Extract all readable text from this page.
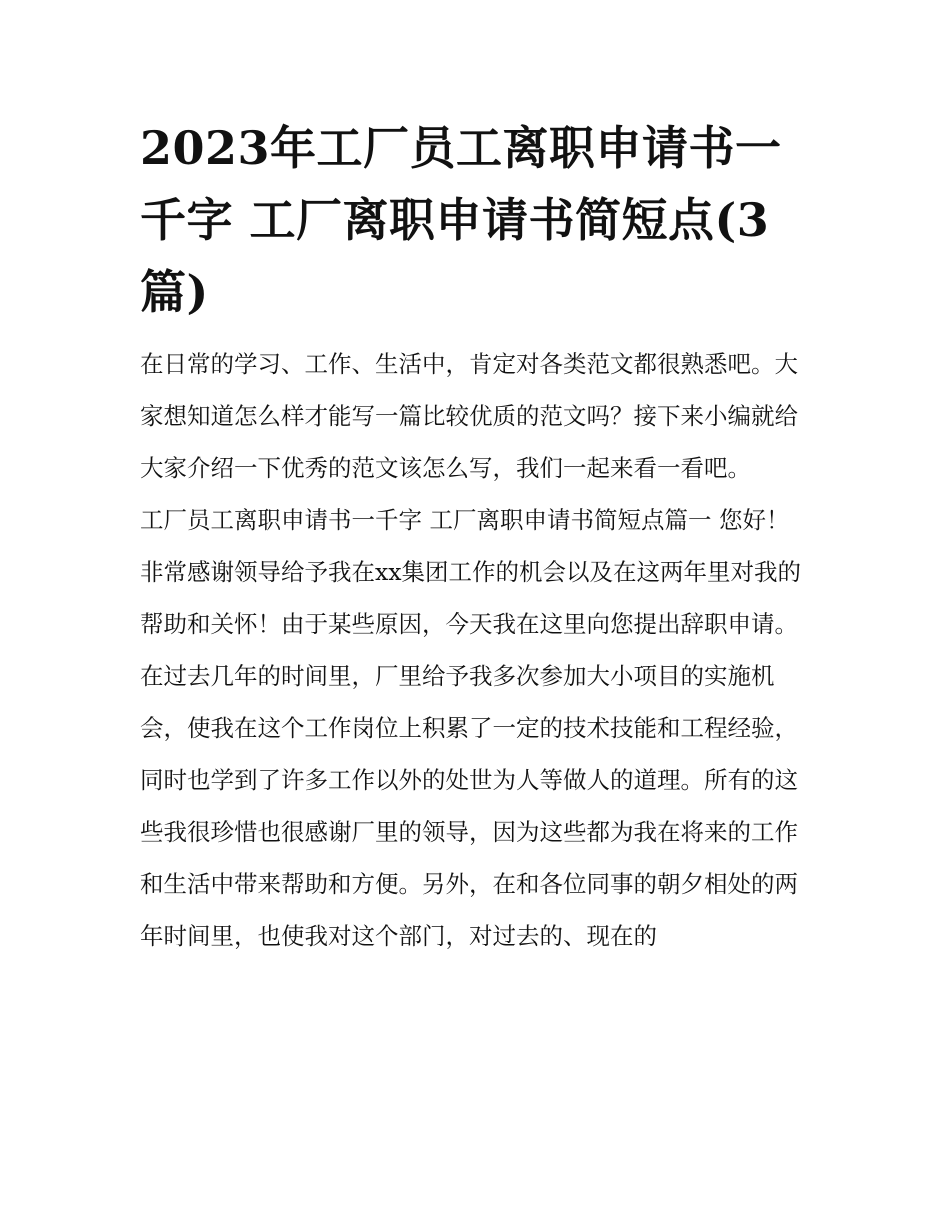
2023年工厂员工离职申请书一千字 工厂离职申请书简短点(3篇)

在日常的学习、工作、生活中，肯定对各类范文都很熟悉吧。大家想知道怎么样才能写一篇比较优质的范文吗？接下来小编就给大家介绍一下优秀的范文该怎么写，我们一起来看一看吧。

工厂员工离职申请书一千字 工厂离职申请书简短点篇一 您好！

非常感谢领导给予我在xx集团工作的机会以及在这两年里对我的帮助和关怀！由于某些原因，今天我在这里向您提出辞职申请。

在过去几年的时间里，厂里给予我多次参加大小项目的实施机会，使我在这个工作岗位上积累了一定的技术技能和工程经验，同时也学到了许多工作以外的处世为人等做人的道理。所有的这些我很珍惜也很感谢厂里的领导，因为这些都为我在将来的工作和生活中带来帮助和方便。另外，在和各位同事的朝夕相处的两年时间里，也使我对这个部门，对过去的、现在的
